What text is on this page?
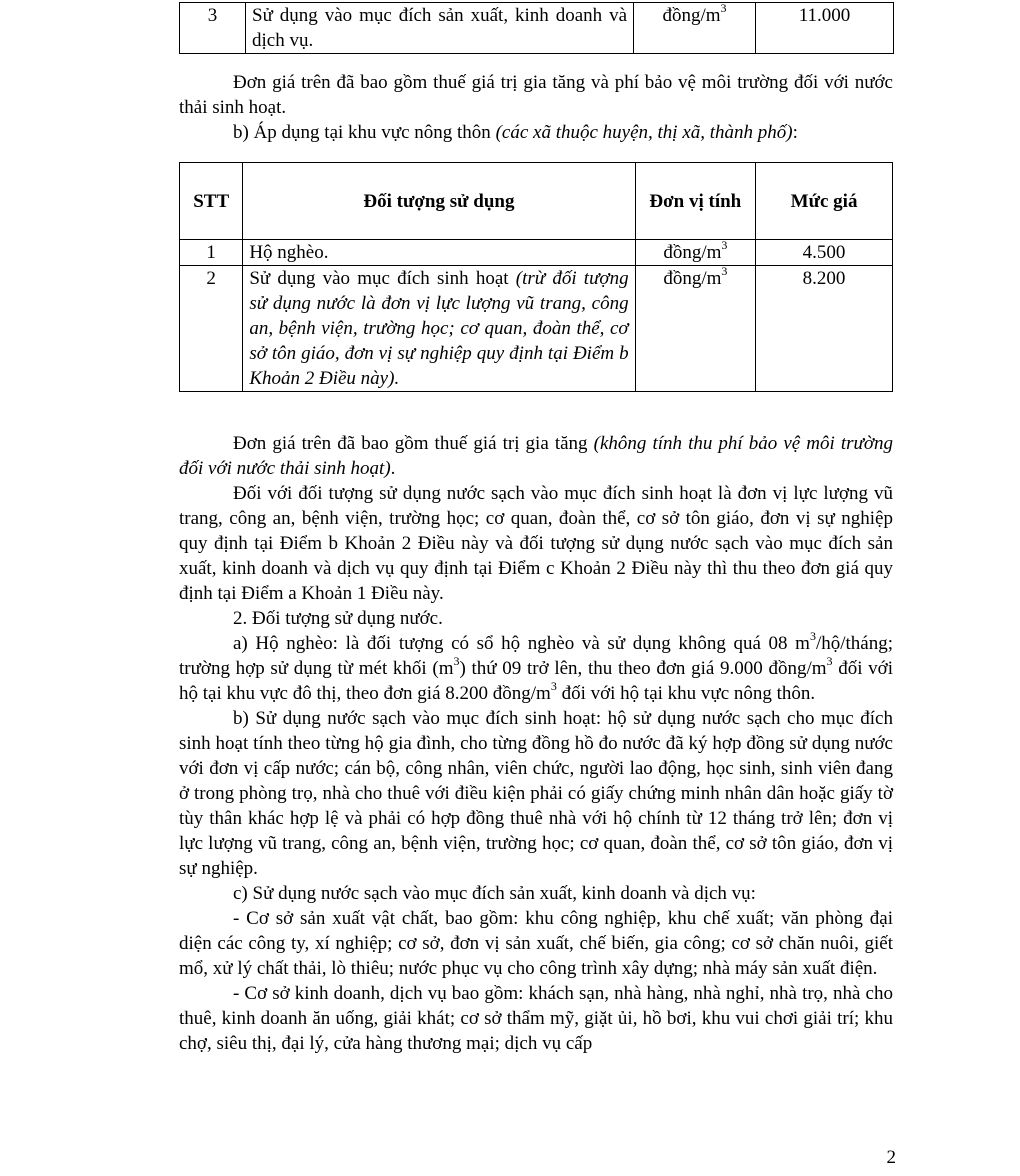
3	Sử dụng vào mục đích sản xuất, kinh doanh và dịch vụ.	đồng/$m^3$	11.000

Đơn giá trên đã bao gồm thuế giá trị gia tăng và phí bảo vệ môi trường đối với nước thải sinh hoạt.

b) Áp dụng tại khu vực nông thôn (các xã thuộc huyện, thị xã, thành phố):

STT	Đối tượng sử dụng	Đơn vị tính	Mức giá
1	Hộ nghèo.	đồng/$m^3$	4.500
2	Sử dụng vào mục đích sinh hoạt (trừ đối tượng sử dụng nước là đơn vị lực lượng vũ trang, công an, bệnh viện, trường học; cơ quan, đoàn thể, cơ sở tôn giáo, đơn vị sự nghiệp quy định tại Điểm b Khoản 2 Điều này).	đồng/$m^3$	8.200

Đơn giá trên đã bao gồm thuế giá trị gia tăng (không tính thu phí bảo vệ môi trường đối với nước thải sinh hoạt).

Đối với đối tượng sử dụng nước sạch vào mục đích sinh hoạt là đơn vị lực lượng vũ trang, công an, bệnh viện, trường học; cơ quan, đoàn thể, cơ sở tôn giáo, đơn vị sự nghiệp quy định tại Điểm b Khoản 2 Điều này và đối tượng sử dụng nước sạch vào mục đích sản xuất, kinh doanh và dịch vụ quy định tại Điểm c Khoản 2 Điều này thì thu theo đơn giá quy định tại Điểm a Khoản 1 Điều này.

2. Đối tượng sử dụng nước.

a) Hộ nghèo: là đối tượng có sổ hộ nghèo và sử dụng không quá 08 $m^3/hộ$/tháng; trường hợp sử dụng từ mét khối $(m^3)$ thứ 09 trở lên, thu theo đơn giá 9.000 đồng/$m^3$ đối với hộ tại khu vực đô thị, theo đơn giá 8.200 đồng/$m^3$ đối với hộ tại khu vực nông thôn.

b) Sử dụng nước sạch vào mục đích sinh hoạt: hộ sử dụng nước sạch cho mục đích sinh hoạt tính theo từng hộ gia đình, cho từng đồng hồ đo nước đã ký hợp đồng sử dụng nước với đơn vị cấp nước; cán bộ, công nhân, viên chức, người lao động, học sinh, sinh viên đang ở trong phòng trọ, nhà cho thuê với điều kiện phải có giấy chứng minh nhân dân hoặc giấy tờ tùy thân khác hợp lệ và phải có hợp đồng thuê nhà với hộ chính từ 12 tháng trở lên; đơn vị lực lượng vũ trang, công an, bệnh viện, trường học; cơ quan, đoàn thể, cơ sở tôn giáo, đơn vị sự nghiệp.

c) Sử dụng nước sạch vào mục đích sản xuất, kinh doanh và dịch vụ:

- Cơ sở sản xuất vật chất, bao gồm: khu công nghiệp, khu chế xuất; văn phòng đại diện các công ty, xí nghiệp; cơ sở, đơn vị sản xuất, chế biến, gia công; cơ sở chăn nuôi, giết mổ, xử lý chất thải, lò thiêu; nước phục vụ cho công trình xây dựng; nhà máy sản xuất điện.

- Cơ sở kinh doanh, dịch vụ bao gồm: khách sạn, nhà hàng, nhà nghỉ, nhà trọ, nhà cho thuê, kinh doanh ăn uống, giải khát; cơ sở thẩm mỹ, giặt ủi, hồ bơi, khu vui chơi giải trí; khu chợ, siêu thị, đại lý, cửa hàng thương mại; dịch vụ cấp

2
